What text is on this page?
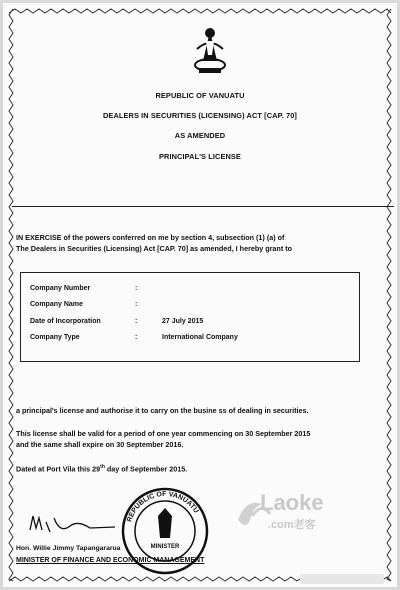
REPUBLIC OF VANUATU
DEALERS IN SECURITIES (LICENSING) ACT [CAP. 70]
AS AMENDED
PRINCIPAL'S LICENSE
IN EXERCISE of the powers conferred on me by section 4, subsection (1) (a) of
The Dealers in Securities (Licensing) Act [CAP. 70] as amended, I hereby grant to
Company Number	:
Company Name	:
Date of Incorporation	:	27 July 2015
Company Type	:	International Company
a principal's license and authorise it to carry on the busine ss of dealing in securities.
This license shall be valid for a period of one year commencing on 30 September 2015
and the same shall expire on 30 September 2016.
Dated at Port Vila this 29th day of September 2015.
REPUBLIC OF VANUATU
MINISTER
Laoke
.com老客
Hon. Willie Jimmy Tapangararua
MINISTER OF FINANCE AND ECONOMIC MANAGEMENT
